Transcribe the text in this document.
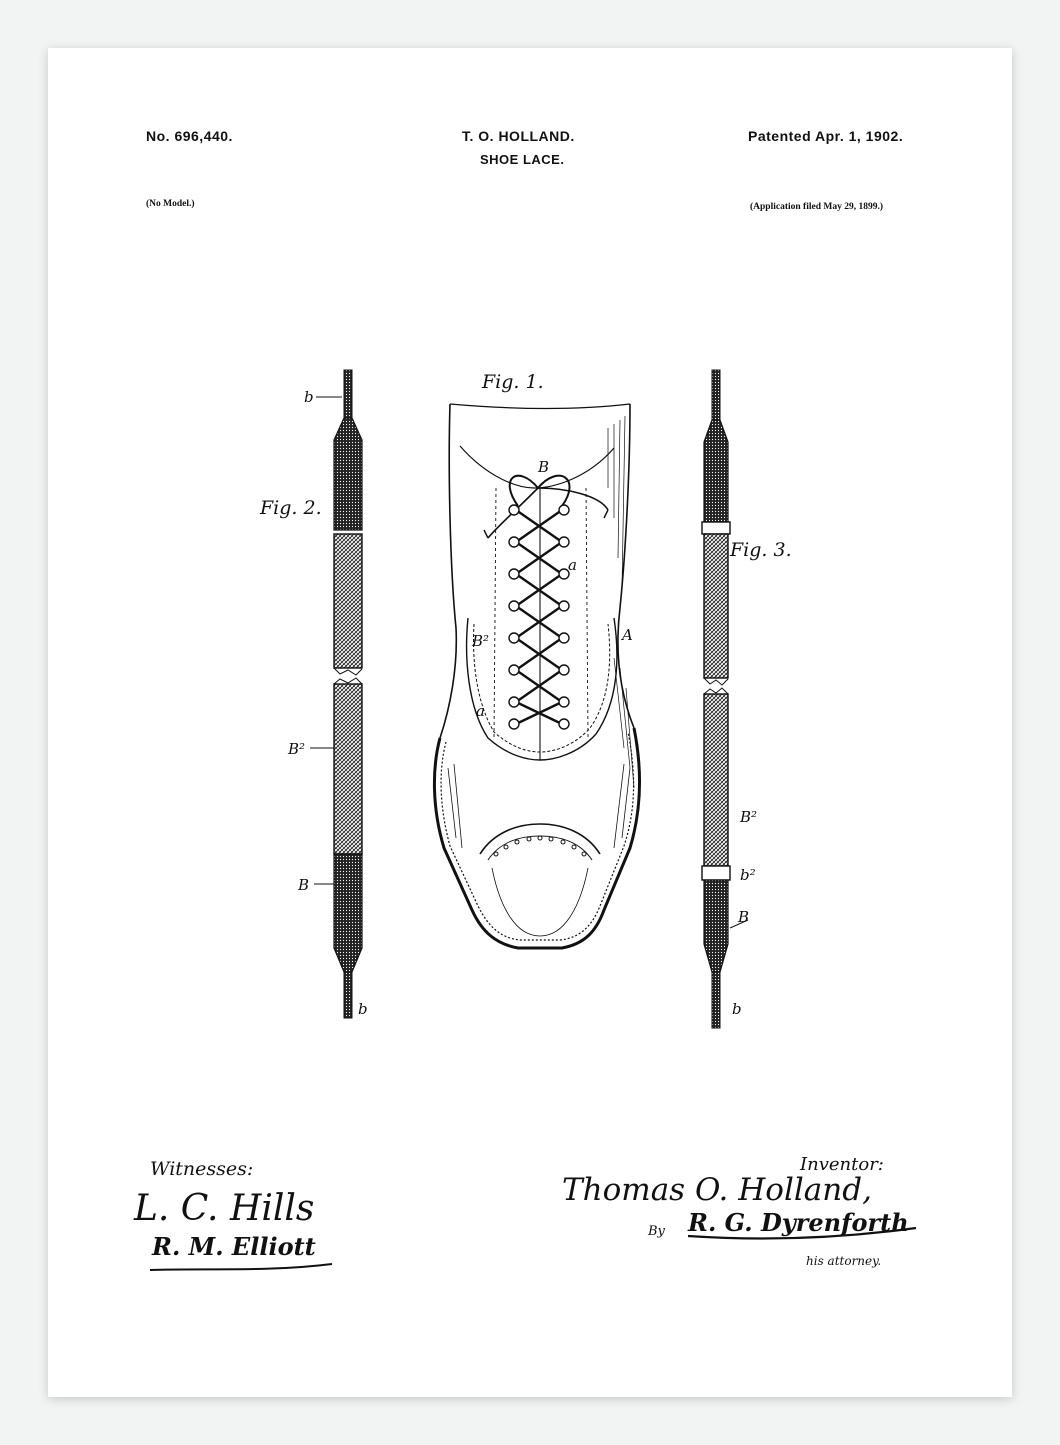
No. 696,440.	T. O. HOLLAND.
SHOE LACE.
Patented Apr. 1, 1902.
(No Model.)	(Application filed May 29, 1899.)
b
Fig. 2.
B²
B
b
Fig. 3.
B²
b²
B
b
Fig. 1.
B
a
A
B²
a
Witnesses:
L. C. Hills
R. M. Elliott
Inventor:
Thomas O. Holland,
By R. G. Dyrenforth
his attorney.
